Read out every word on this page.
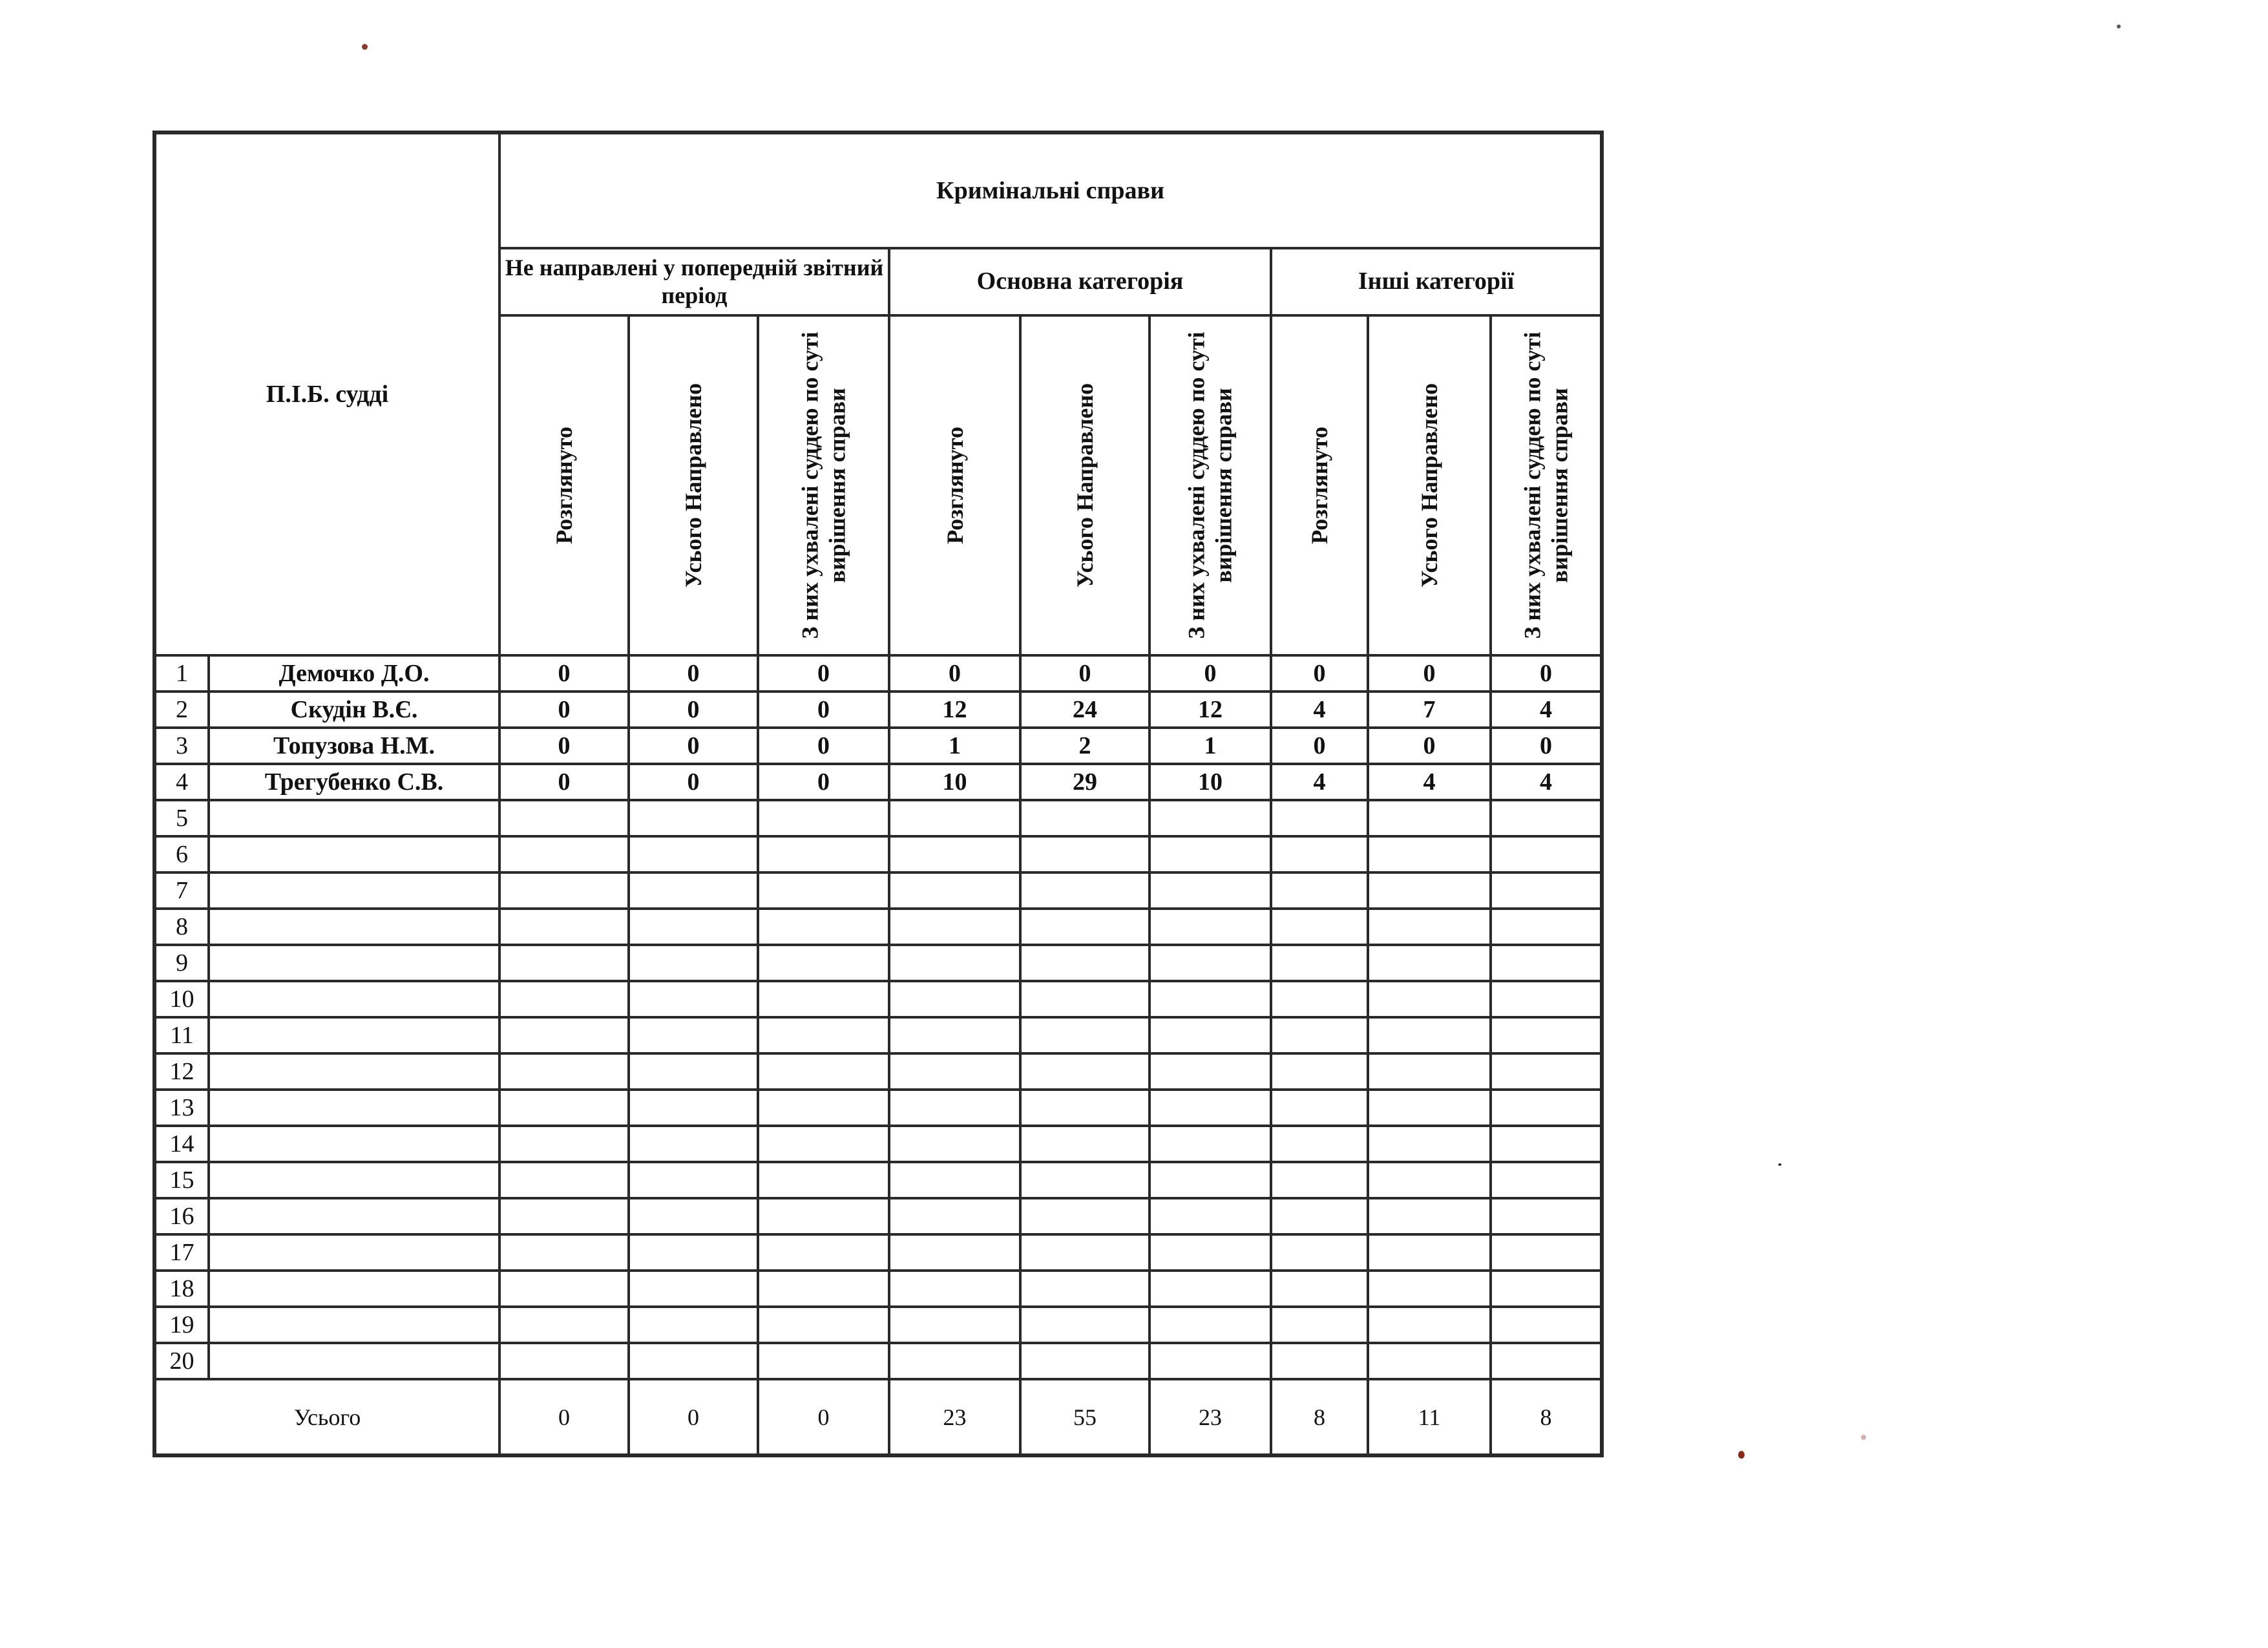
П.І.Б. судді		Кримінальні справи								
		Не направлені у попередній звітний період			Основна категорія			Інші категорії		

		Розглянуто	Усього Направлено	З них ухвалені суддею по суті вирішення справи	Розглянуто	Усього Направлено	З них ухвалені суддею по суті вирішення справи	Розглянуто	Усього Направлено	З них ухвалені суддею по суті вирішення справи

1	Демочко Д.О.	0	0	0	0	0	0	0	0	0
2	Скудін В.Є.	0	0	0	12	24	12	4	7	4
3	Топузова Н.М.	0	0	0	1	2	1	0	0	0
4	Трегубенко С.В.	0	0	0	10	29	10	4	4	4
5										
6										
7										
8										
9										
10										
11										
12										
13										
14										
15										
16										
17										
18										
19										
20										
Усього		0	0	0	23	55	23	8	11	8
